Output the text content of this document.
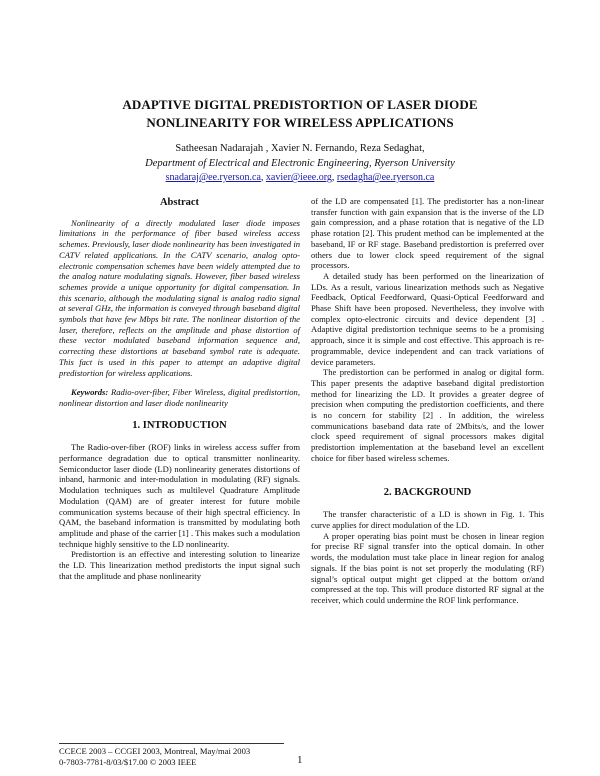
ADAPTIVE DIGITAL PREDISTORTION OF LASER DIODE
NONLINEARITY FOR WIRELESS APPLICATIONS
Satheesan Nadarajah , Xavier N. Fernando, Reza Sedaghat,
Department of Electrical and Electronic Engineering, Ryerson University
snadaraj@ee.ryerson.ca, xavier@ieee.org, rsedagha@ee.ryerson.ca
Abstract

Nonlinearity of a directly modulated laser diode imposes limitations in the performance of fiber based wireless access schemes. Previously, laser diode nonlinearity has been investigated in CATV related applications. In the CATV scenario, analog opto-electronic compensation schemes have been widely attempted due to the analog nature modulating signals. However, fiber based wireless schemes provide a unique opportunity for digital compensation. In this scenario, although the modulating signal is analog radio signal at several GHz, the information is conveyed through baseband digital symbols that have few Mbps bit rate. The nonlinear distortion of the laser, therefore, reflects on the amplitude and phase distortion of these vector modulated baseband information sequence and, correcting these distortions at baseband symbol rate is adequate. This fact is used in this paper to attempt an adaptive digital predistortion for wireless applications.

Keywords: Radio-over-fiber, Fiber Wireless, digital predistortion, nonlinear distortion and laser diode nonlinearity

1. INTRODUCTION

The Radio-over-fiber (ROF) links in wireless access suffer from performance degradation due to optical transmitter nonlinearity. Semiconductor laser diode (LD) nonlinearity generates distortions of inband, harmonic and inter-modulation in modulating (RF) signals. Modulation techniques such as multilevel Quadrature Amplitude Modulation (QAM) are of greater interest for future mobile communication systems because of their high spectral efficiency. In QAM, the baseband information is transmitted by modulating both amplitude and phase of the carrier [1] . This makes such a modulation technique highly sensitive to the LD nonlinearity.

Predistortion is an effective and interesting solution to linearize the LD. This linearization method predistorts the input signal such that the amplitude and phase nonlinearity

of the LD are compensated [1]. The predistorter has a non-linear transfer function with gain expansion that is the inverse of the LD gain compression, and a phase rotation that is negative of the LD phase rotation [2]. This prudent method can be implemented at the baseband, IF or RF stage. Baseband predistortion is preferred over others due to lower clock speed requirement of the signal processors.

A detailed study has been performed on the linearization of LDs. As a result, various linearization methods such as Negative Feedback, Optical Feedforward, Quasi-Optical Feedforward and Phase Shift have been proposed. Nevertheless, they involve with complex opto-electronic circuits and device dependent [3] . Adaptive digital predistortion technique seems to be a promising approach, since it is simple and cost effective. This approach is re-programmable, device independent and can track variations of device parameters.

The predistortion can be performed in analog or digital form. This paper presents the adaptive baseband digital predistortion method for linearizing the LD. It provides a greater degree of precision when computing the predistortion coefficients, and there is no concern for stability [2] . In addition, the wireless communications baseband data rate of 2Mbits/s, and the lower clock speed requirement of signal processors makes digital predistortion implementation at the baseband level an excellent choice for fiber based wireless schemes.

2. BACKGROUND

The transfer characteristic of a LD is shown in Fig. 1. This curve applies for direct modulation of the LD.

A proper operating bias point must be chosen in linear region for precise RF signal transfer into the optical domain. In other words, the modulation must take place in linear region for analog signals. If the bias point is not set properly the modulating (RF) signal’s optical output might get clipped at the bottom or/and compressed at the top. This will produce distorted RF signal at the receiver, which could undermine the ROF link performance.

CCECE 2003 – CCGEI 2003, Montreal, May/mai 2003
0-7803-7781-8/03/$17.00 © 2003 IEEE	1
